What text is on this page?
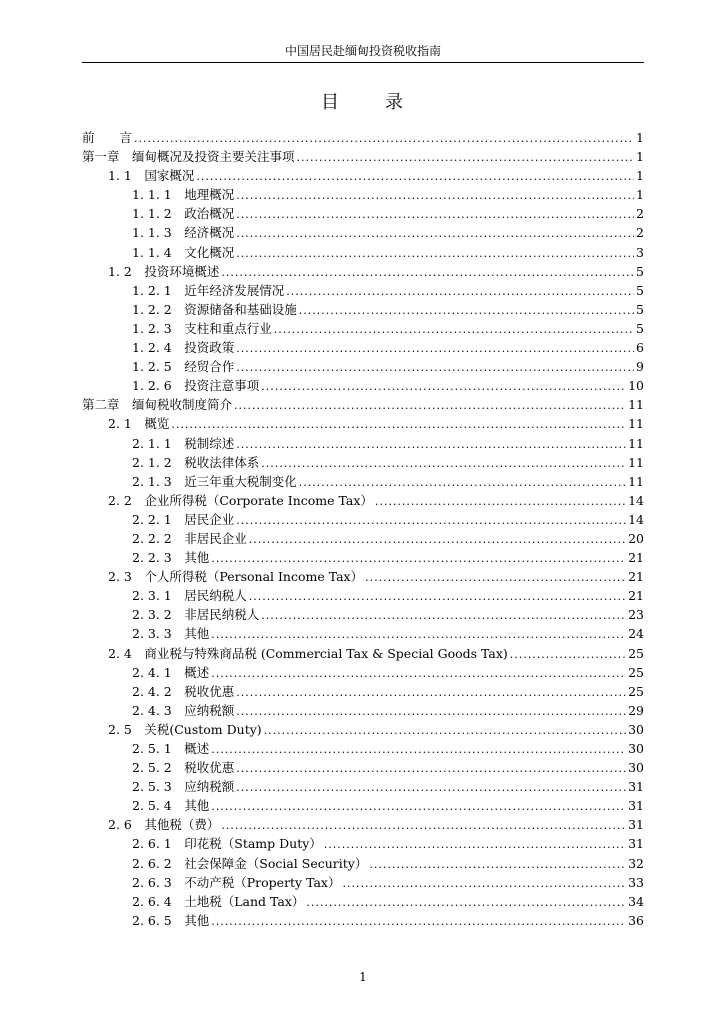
中国居民赴缅甸投资税收指南
目 录
前　　言 .....	1
第一章　缅甸概况及投资主要关注事项 .....	1
1. 1　国家概况 .....	1
1. 1. 1　地理概况 .....	1
1. 1. 2　政治概况 .....	2
1. 1. 3　经济概况 .....	2
1. 1. 4　文化概况 .....	3
1. 2　投资环境概述 .....	5
1. 2. 1　近年经济发展情况 .....	5
1. 2. 2　资源储备和基础设施 .....	5
1. 2. 3　支柱和重点行业 .....	5
1. 2. 4　投资政策 .....	6
1. 2. 5　经贸合作 .....	9
1. 2. 6　投资注意事项 .....	10
第二章　缅甸税收制度简介 .....	11
2. 1　概览 .....	11
2. 1. 1　税制综述 .....	11
2. 1. 2　税收法律体系 .....	11
2. 1. 3　近三年重大税制变化 .....	11
2. 2　企业所得税（Corporate Income Tax） .....	14
2. 2. 1　居民企业 .....	14
2. 2. 2　非居民企业 .....	20
2. 2. 3　其他 .....	21
2. 3　个人所得税（Personal Income Tax） .....	21
2. 3. 1　居民纳税人 .....	21
2. 3. 2　非居民纳税人 .....	23
2. 3. 3　其他 .....	24
2. 4　商业税与特殊商品税 (Commercial Tax & Special Goods Tax) .....	25
2. 4. 1　概述 .....	25
2. 4. 2　税收优惠 .....	25
2. 4. 3　应纳税额 .....	29
2. 5　关税(Custom Duty) .....	30
2. 5. 1　概述 .....	30
2. 5. 2　税收优惠 .....	30
2. 5. 3　应纳税额 .....	31
2. 5. 4　其他 .....	31
2. 6　其他税（费） .....	31
2. 6. 1　印花税（Stamp Duty） .....	31
2. 6. 2　社会保障金（Social Security） .....	32
2. 6. 3　不动产税（Property Tax） .....	33
2. 6. 4　土地税（Land Tax） .....	34
2. 6. 5　其他 .....	36
1
